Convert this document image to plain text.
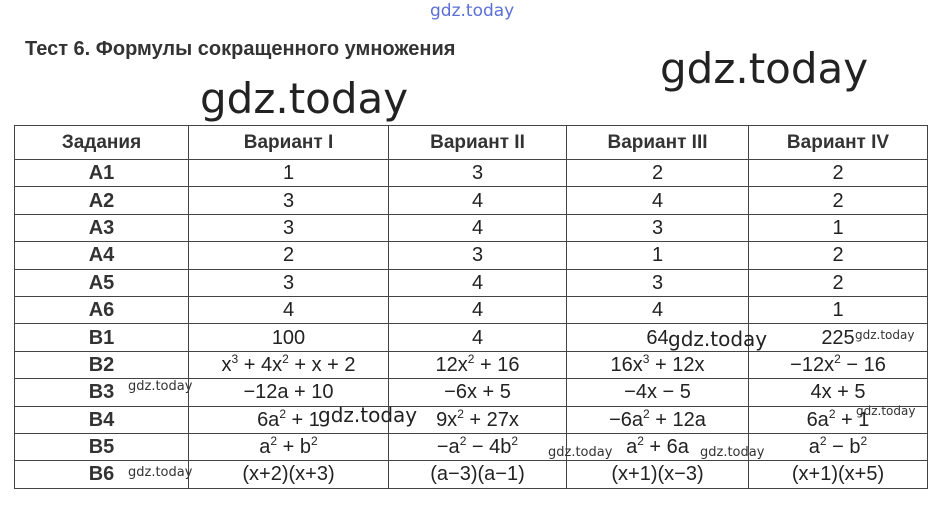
gdz.today
gdz.today
gdz.today
Тест 6. Формулы сокращенного умножения
Задания	Вариант I	Вариант II	Вариант III	Вариант IV
A1	1	3	2	2
A2	3	4	4	2
A3	3	4	3	1
A4	2	3	1	2
A5	3	4	3	2
A6	4	4	4	1
B1	100	4	64	225
B2	$x^3 + 4x^2 + x + 2$	$12x^2 + 16$	$16x^3 + 12x$	$-12x^2 - 16$
B3	−12a + 10	−6x + 5	−4x − 5	4x + 5
B4	$6a^2 + 1$	$9x^2 + 27x$	$-6a^2 + 12a$	$6a^2 + 1$
B5	$a^2 + b^2$	$-a^2 - 4b^2$	$a^2 + 6a$	$a^2 - b^2$
B6	(x+2)(x+3)	(a−3)(a−1)	(x+1)(x−3)	(x+1)(x+5)
gdz.today	gdz.today
gdz.today
gdz.today	gdz.today
gdz.today	gdz.today
gdz.today
